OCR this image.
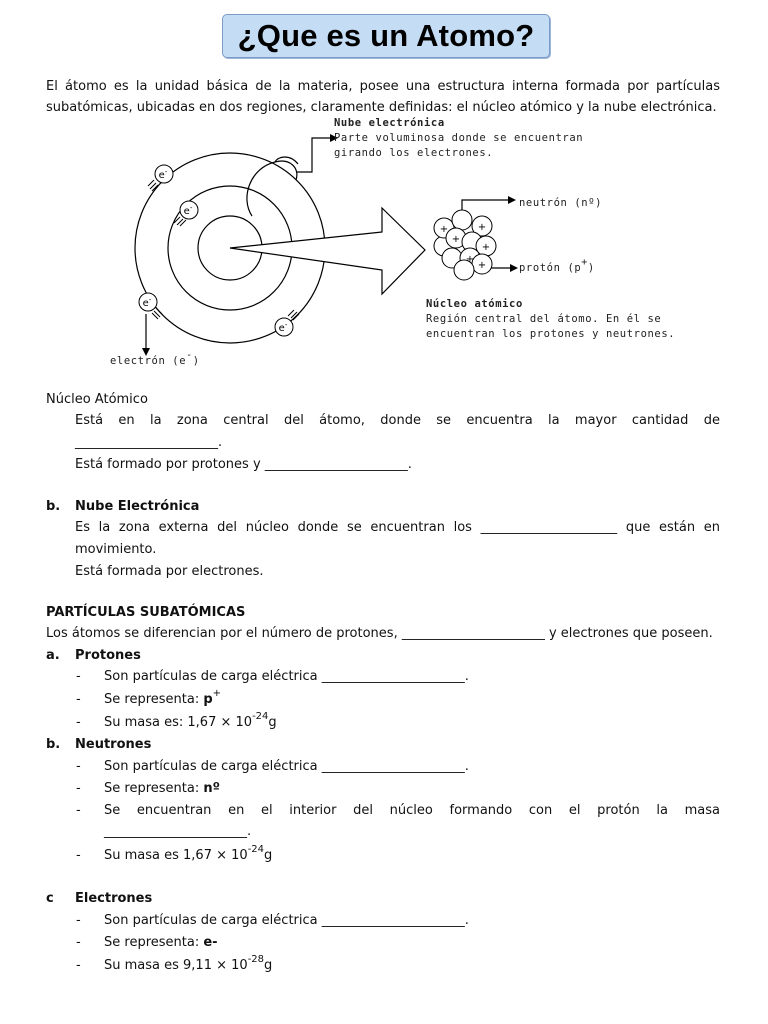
¿Que es un Atomo?

El átomo es la unidad básica de la materia, posee una estructura interna formada por partículas subatómicas, ubicadas en dos regiones, claramente definidas: el núcleo atómico y la nube electrónica.

e-
e-
e-
e-
+	+
+
+
+
+
Nube electrónica
Parte voluminosa donde se encuentran
girando los electrones.
neutrón (nº)
protón (p+)
Núcleo atómico
Región central del átomo. En él se
encuentran los protones y neutrones.
electrón (e-)
Núcleo Atómico
Está en la zona central del átomo, donde se encuentra la mayor cantidad de
______________________.
Está formado por protones y ______________________.
b. Nube Electrónica
Es la zona externa del núcleo donde se encuentran los _____________________ que están en
movimiento.
Está formada por electrones.
PARTÍCULAS SUBATÓMICAS
Los átomos se diferencian por el número de protones, ______________________ y electrones que poseen.
a. Protones
- Son partículas de carga eléctrica ______________________.
- Se representa: p+
- Su masa es: $1,67 \times 10^{-24}g$
b. Neutrones
- Son partículas de carga eléctrica ______________________.
- Se representa: nº
- Se encuentran en el interior del núcleo formando con el protón la masa
______________________.
- Su masa es $1,67 \times 10^{-24}g$
c Electrones
- Son partículas de carga eléctrica ______________________.
- Se representa: e-
- Su masa es $9,11 \times 10^{-28}g$
